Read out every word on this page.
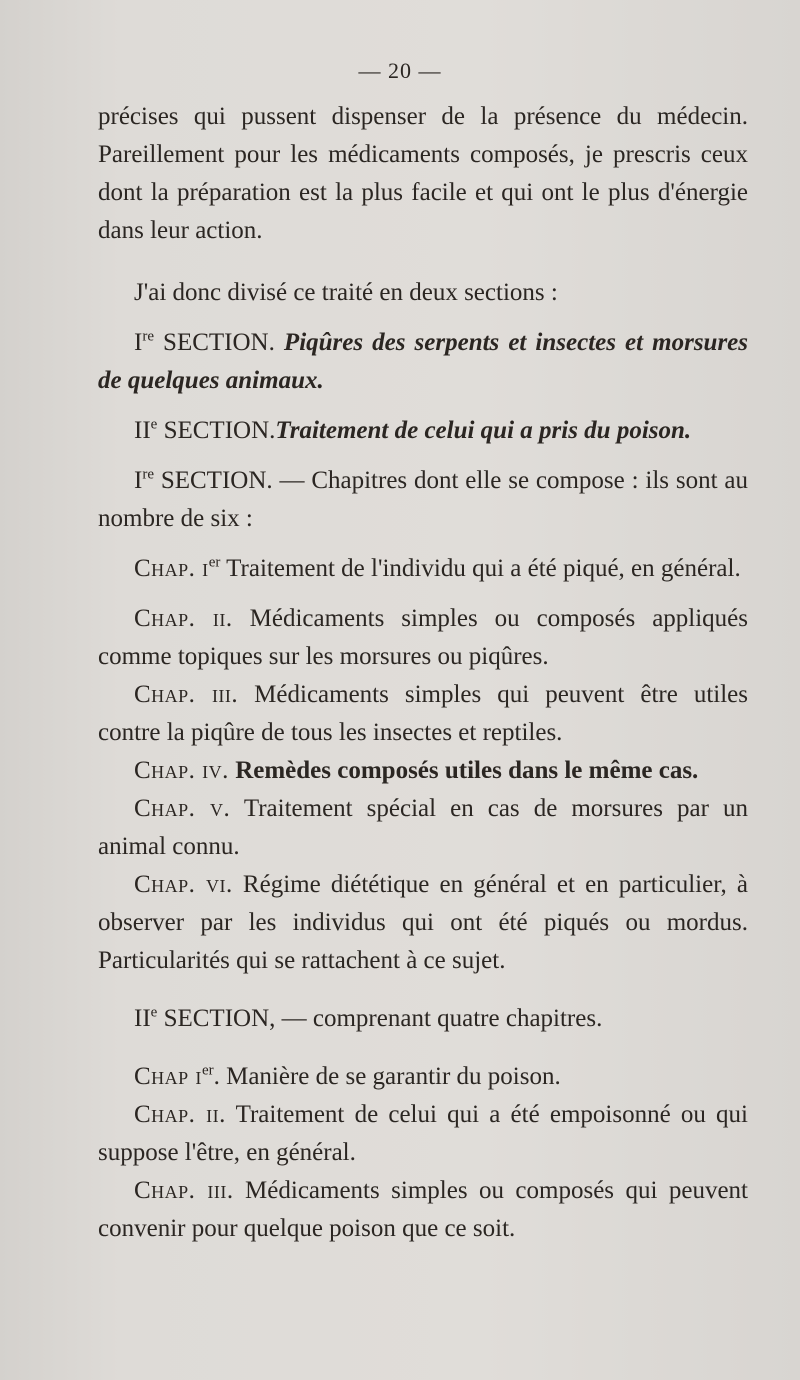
— 20 —

précises qui pussent dispenser de la présence du médecin. Pareillement pour les médicaments composés, je prescris ceux dont la préparation est la plus facile et qui ont le plus d'énergie dans leur action.

J'ai donc divisé ce traité en deux sections :

Ire SECTION. Piqûres des serpents et insectes et morsures de quelques animaux.

IIe SECTION.Traitement de celui qui a pris du poison.

Ire SECTION. — Chapitres dont elle se compose : ils sont au nombre de six :

Chap. $i^{er}$ Traitement de l'individu qui a été piqué, en général.

Chap. ii. Médicaments simples ou composés appliqués comme topiques sur les morsures ou piqûres.

Chap. iii. Médicaments simples qui peuvent être utiles contre la piqûre de tous les insectes et reptiles.

Chap. iv. Remèdes composés utiles dans le même cas.

Chap. v. Traitement spécial en cas de morsures par un animal connu.

Chap. vi. Régime diététique en général et en particulier, à observer par les individus qui ont été piqués ou mordus. Particularités qui se rattachent à ce sujet.

IIe SECTION, — comprenant quatre chapitres.

Chap $i^{er}$. Manière de se garantir du poison.

Chap. ii. Traitement de celui qui a été empoisonné ou qui suppose l'être, en général.

Chap. iii. Médicaments simples ou composés qui peuvent convenir pour quelque poison que ce soit.
